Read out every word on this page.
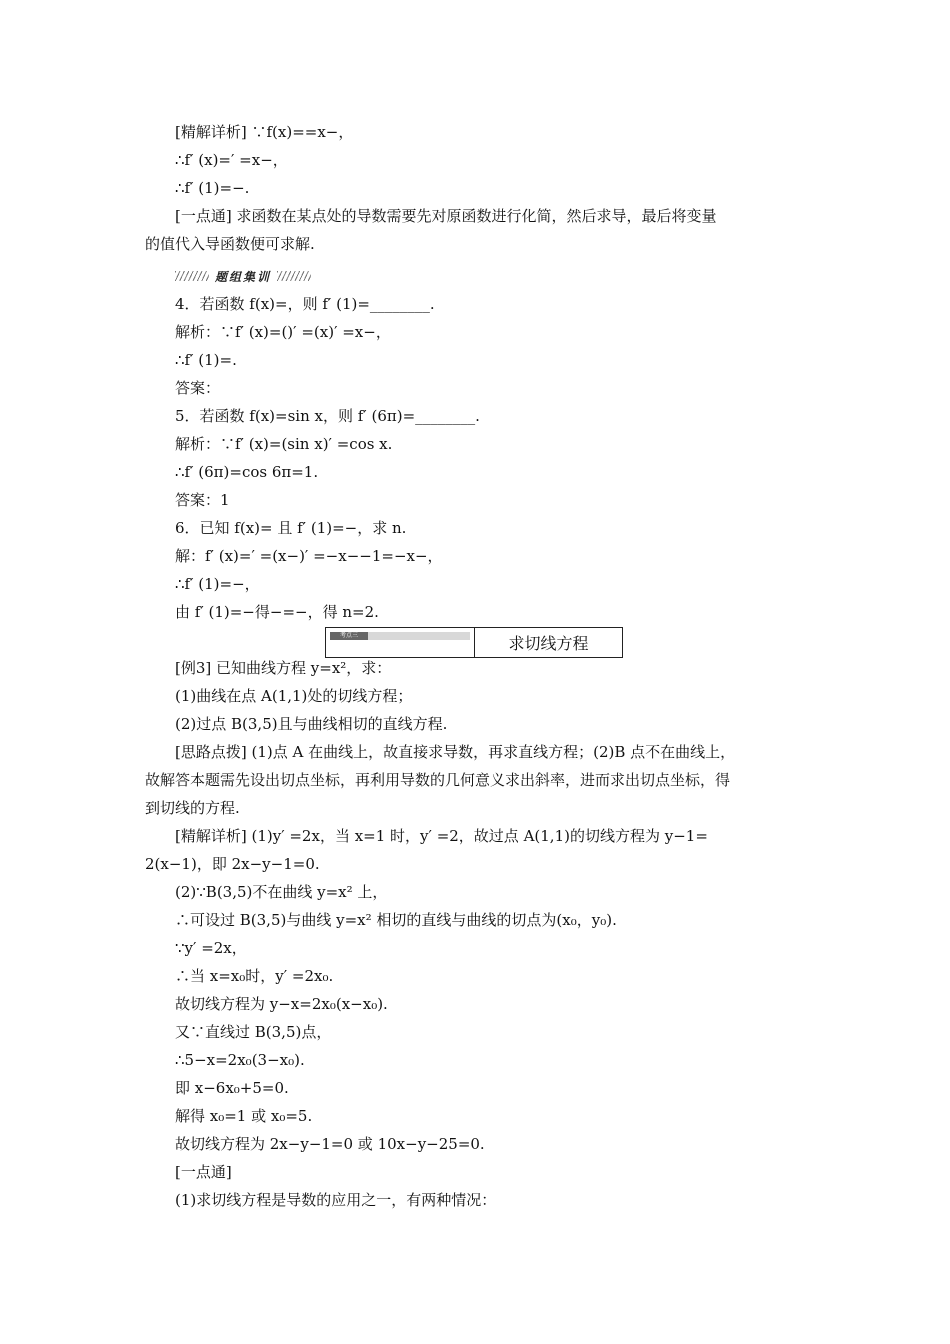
[精解详析] ∵f(x)==x−，
∴f′ (x)=′ =x−，
∴f′ (1)=−.
[一点通] 求函数在某点处的导数需要先对原函数进行化简，然后求导，最后将变量
的值代入导函数便可求解.
题组集训
4．若函数 f(x)=，则 f′ (1)=________.
解析：∵f′ (x)=()′ =(x)′ =x−，
∴f′ (1)=.
答案：
5．若函数 f(x)=sin x，则 f′ (6π)=________.
解析：∵f′ (x)=(sin x)′ =cos x.
∴f′ (6π)=cos 6π=1.
答案：1
6．已知 f(x)= 且 f′ (1)=−，求 n.
解：f′ (x)=′ =(x−)′ =−x−−1=−x−，
∴f′ (1)=−，
由 f′ (1)=−得−=−，得 n=2.
考点三	求切线方程
[例3] 已知曲线方程 y=x²，求：
(1)曲线在点 A(1,1)处的切线方程；
(2)过点 B(3,5)且与曲线相切的直线方程.
[思路点拨] (1)点 A 在曲线上，故直接求导数，再求直线方程；(2)B 点不在曲线上，
故解答本题需先设出切点坐标，再利用导数的几何意义求出斜率，进而求出切点坐标，得
到切线的方程.
[精解详析] (1)y′ =2x，当 x=1 时，y′ =2，故过点 A(1,1)的切线方程为 y−1=
2(x−1)，即 2x−y−1=0.
(2)∵B(3,5)不在曲线 y=x² 上，
∴可设过 B(3,5)与曲线 y=x² 相切的直线与曲线的切点为(x₀，y₀).
∵y′ =2x，
∴当 x=x₀时，y′ =2x₀.
故切线方程为 y−x=2x₀(x−x₀).
又∵直线过 B(3,5)点，
∴5−x=2x₀(3−x₀).
即 x−6x₀+5=0.
解得 x₀=1 或 x₀=5.
故切线方程为 2x−y−1=0 或 10x−y−25=0.
[一点通]
(1)求切线方程是导数的应用之一，有两种情况：
